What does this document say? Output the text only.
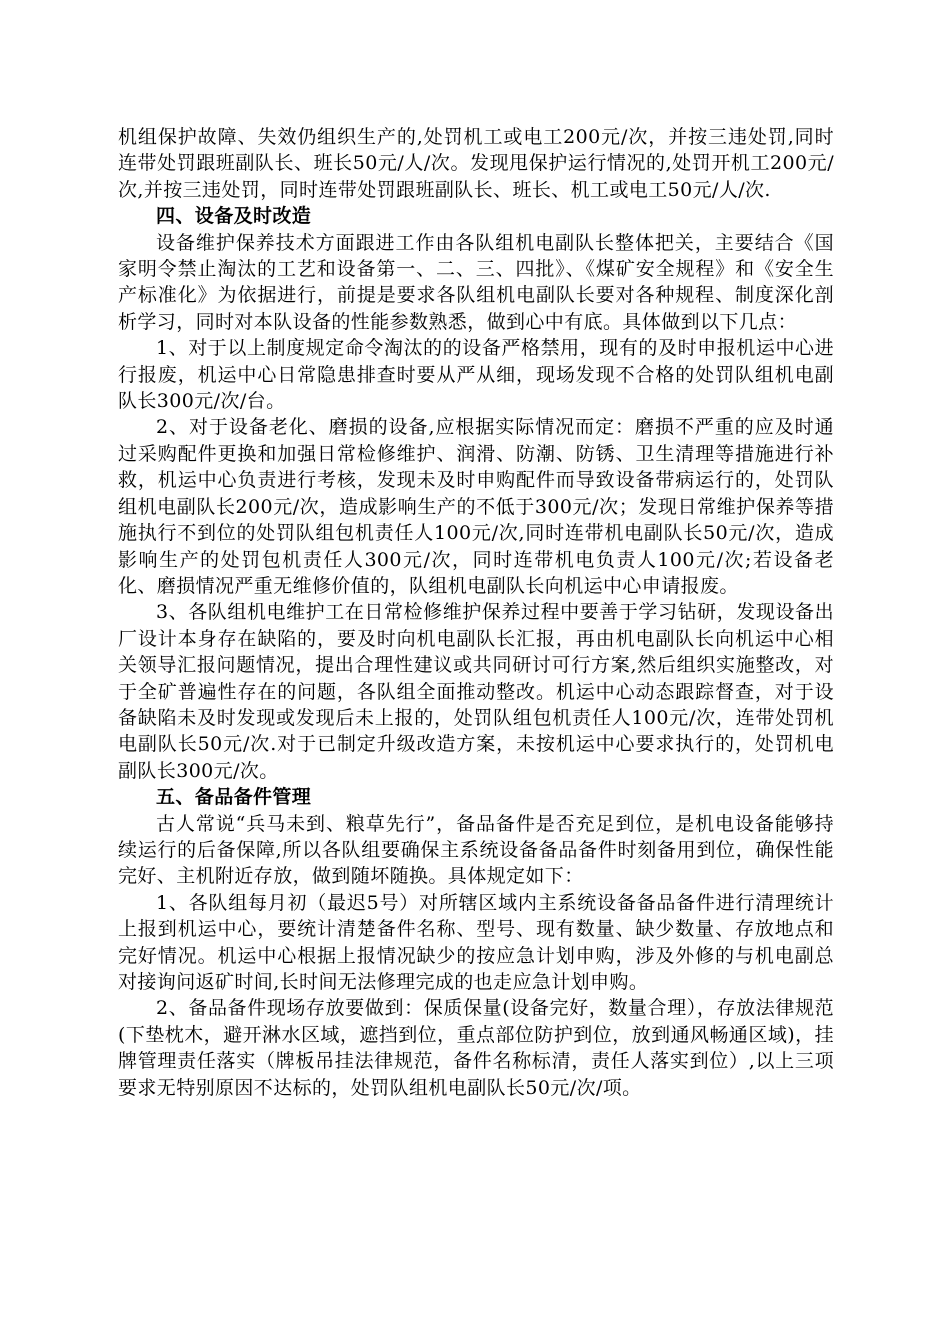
机组保护故障、失效仍组织生产的,处罚机工或电工200元/次，并按三违处罚,同时连带处罚跟班副队长、班长50元/人/次。发现甩保护运行情况的,处罚开机工200元/次,并按三违处罚，同时连带处罚跟班副队长、班长、机工或电工50元/人/次.

四、设备及时改造

设备维护保养技术方面跟进工作由各队组机电副队长整体把关，主要结合《国家明令禁止淘汰的工艺和设备第一、二、三、四批》、《煤矿安全规程》和《安全生产标准化》为依据进行，前提是要求各队组机电副队长要对各种规程、制度深化剖析学习，同时对本队设备的性能参数熟悉，做到心中有底。具体做到以下几点：

1、对于以上制度规定命令淘汰的的设备严格禁用，现有的及时申报机运中心进行报废，机运中心日常隐患排查时要从严从细，现场发现不合格的处罚队组机电副队长300元/次/台。

2、对于设备老化、磨损的设备,应根据实际情况而定：磨损不严重的应及时通过采购配件更换和加强日常检修维护、润滑、防潮、防锈、卫生清理等措施进行补救，机运中心负责进行考核，发现未及时申购配件而导致设备带病运行的，处罚队组机电副队长200元/次，造成影响生产的不低于300元/次；发现日常维护保养等措施执行不到位的处罚队组包机责任人100元/次,同时连带机电副队长50元/次，造成影响生产的处罚包机责任人300元/次，同时连带机电负责人100元/次;若设备老化、磨损情况严重无维修价值的，队组机电副队长向机运中心申请报废。

3、各队组机电维护工在日常检修维护保养过程中要善于学习钻研，发现设备出厂设计本身存在缺陷的，要及时向机电副队长汇报，再由机电副队长向机运中心相关领导汇报问题情况，提出合理性建议或共同研讨可行方案,然后组织实施整改，对于全矿普遍性存在的问题，各队组全面推动整改。机运中心动态跟踪督查，对于设备缺陷未及时发现或发现后未上报的，处罚队组包机责任人100元/次，连带处罚机电副队长50元/次.对于已制定升级改造方案，未按机运中心要求执行的，处罚机电副队长300元/次。

五、备品备件管理

古人常说“兵马未到、粮草先行”，备品备件是否充足到位，是机电设备能够持续运行的后备保障,所以各队组要确保主系统设备备品备件时刻备用到位，确保性能完好、主机附近存放，做到随坏随换。具体规定如下：

1、各队组每月初（最迟5号）对所辖区域内主系统设备备品备件进行清理统计上报到机运中心，要统计清楚备件名称、型号、现有数量、缺少数量、存放地点和完好情况。机运中心根据上报情况缺少的按应急计划申购，涉及外修的与机电副总对接询问返矿时间,长时间无法修理完成的也走应急计划申购。

2、备品备件现场存放要做到：保质保量(设备完好，数量合理），存放法律规范(下垫枕木，避开淋水区域，遮挡到位，重点部位防护到位，放到通风畅通区域)，挂牌管理责任落实（牌板吊挂法律规范，备件名称标清，责任人落实到位）,以上三项要求无特别原因不达标的，处罚队组机电副队长50元/次/项。
